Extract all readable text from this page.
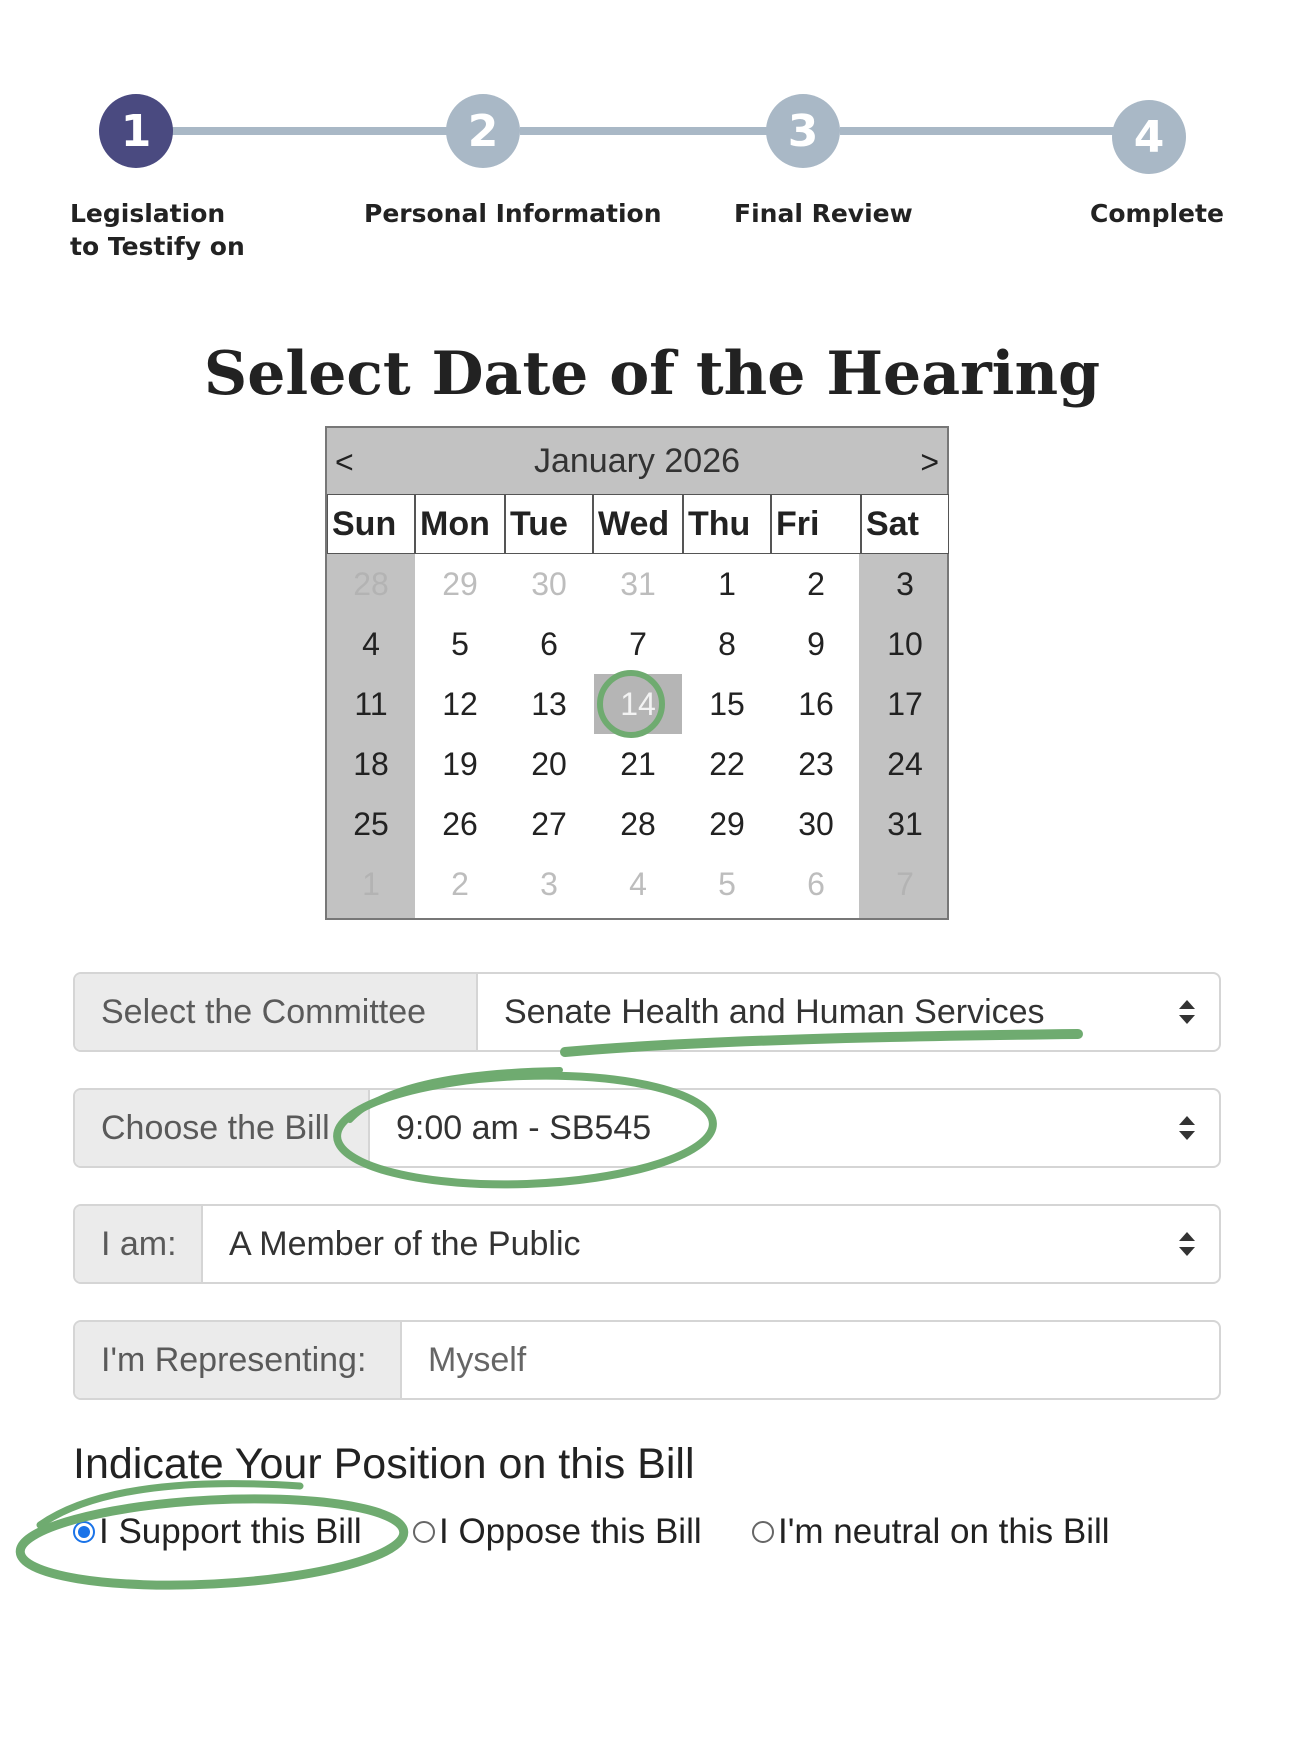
1	2	3	4
Legislation
to Testify on
Personal Information	Final Review	Complete
Select Date of the Hearing
<	January 2026	>
Sun Mon Tue Wed Thu Fri	Sat
28	29	30	31	1	2	3
4	5	6	7	8	9	10
11	12	13	14	15	16	17
18	19	20	21	22	23	24
25	26	27	28	29	30	31
1	2	3	4	5	6	7
Select the Committee	Senate Health and Human Services
Choose the Bill	9:00 am - SB545
I am:	A Member of the Public
I'm Representing:	Myself
Indicate Your Position on this Bill
I Support this Bill I Oppose this Bill I'm neutral on this Bill
